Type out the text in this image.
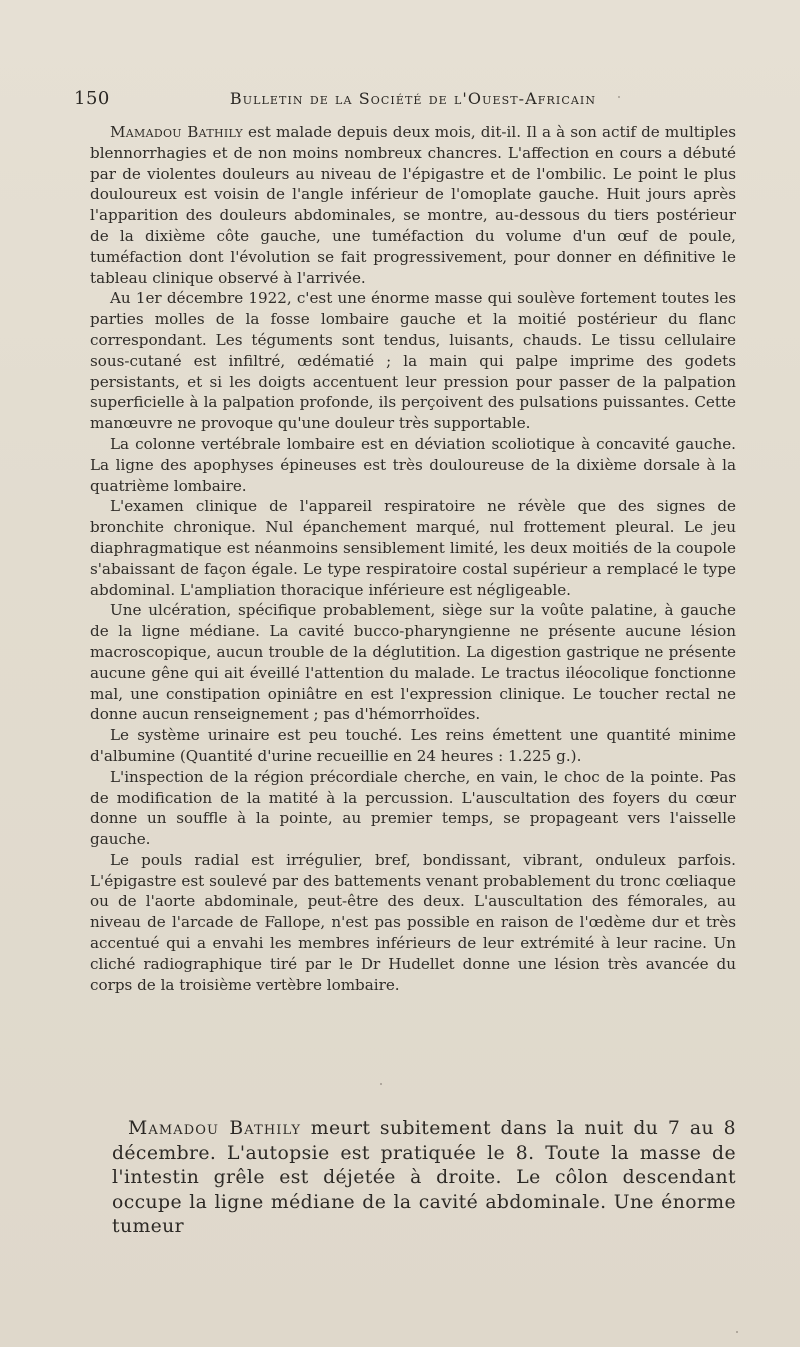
150	Bulletin de la Société de l'Ouest-Africain

Mamadou Bathily est malade depuis deux mois, dit-il. Il a à son actif de multiples blennorrhagies et de non moins nombreux chancres. L'affection en cours a débuté par de violentes douleurs au niveau de l'épigastre et de l'ombilic. Le point le plus douloureux est voisin de l'angle inférieur de l'omoplate gauche. Huit jours après l'apparition des douleurs abdominales, se montre, au-dessous du tiers postérieur de la dixième côte gauche, une tuméfaction du volume d'un œuf de poule, tuméfaction dont l'évolution se fait progressivement, pour donner en définitive le tableau clinique observé à l'arrivée.

Au 1er décembre 1922, c'est une énorme masse qui soulève fortement toutes les parties molles de la fosse lombaire gauche et la moitié postérieur du flanc correspondant. Les téguments sont tendus, luisants, chauds. Le tissu cellulaire sous-cutané est infiltré, œdématié ; la main qui palpe imprime des godets persistants, et si les doigts accentuent leur pression pour passer de la palpation superficielle à la palpation profonde, ils perçoivent des pulsations puissantes. Cette manœuvre ne provoque qu'une douleur très supportable.

La colonne vertébrale lombaire est en déviation scoliotique à concavité gauche. La ligne des apophyses épineuses est très douloureuse de la dixième dorsale à la quatrième lombaire.

L'examen clinique de l'appareil respiratoire ne révèle que des signes de bronchite chronique. Nul épanchement marqué, nul frottement pleural. Le jeu diaphragmatique est néanmoins sensiblement limité, les deux moitiés de la coupole s'abaissant de façon égale. Le type respiratoire costal supérieur a remplacé le type abdominal. L'ampliation thoracique inférieure est négligeable.

Une ulcération, spécifique probablement, siège sur la voûte palatine, à gauche de la ligne médiane. La cavité bucco-pharyngienne ne présente aucune lésion macroscopique, aucun trouble de la déglutition. La digestion gastrique ne présente aucune gêne qui ait éveillé l'attention du malade. Le tractus iléocolique fonctionne mal, une constipation opiniâtre en est l'expression clinique. Le toucher rectal ne donne aucun renseignement ; pas d'hémorrhoïdes.

Le système urinaire est peu touché. Les reins émettent une quantité minime d'albumine (Quantité d'urine recueillie en 24 heures : 1.225 g.).

L'inspection de la région précordiale cherche, en vain, le choc de la pointe. Pas de modification de la matité à la percussion. L'auscultation des foyers du cœur donne un souffle à la pointe, au premier temps, se propageant vers l'aisselle gauche.

Le pouls radial est irrégulier, bref, bondissant, vibrant, onduleux parfois. L'épigastre est soulevé par des battements venant probablement du tronc cœliaque ou de l'aorte abdominale, peut-être des deux. L'auscultation des fémorales, au niveau de l'arcade de Fallope, n'est pas possible en raison de l'œdème dur et très accentué qui a envahi les membres inférieurs de leur extrémité à leur racine. Un cliché radiographique tiré par le Dr Hudellet donne une lésion très avancée du corps de la troisième vertèbre lombaire.

Mamadou Bathily meurt subitement dans la nuit du 7 au 8 décembre. L'autopsie est pratiquée le 8. Toute la masse de l'intestin grêle est déjetée à droite. Le côlon descendant occupe la ligne médiane de la cavité abdominale. Une énorme tumeur
